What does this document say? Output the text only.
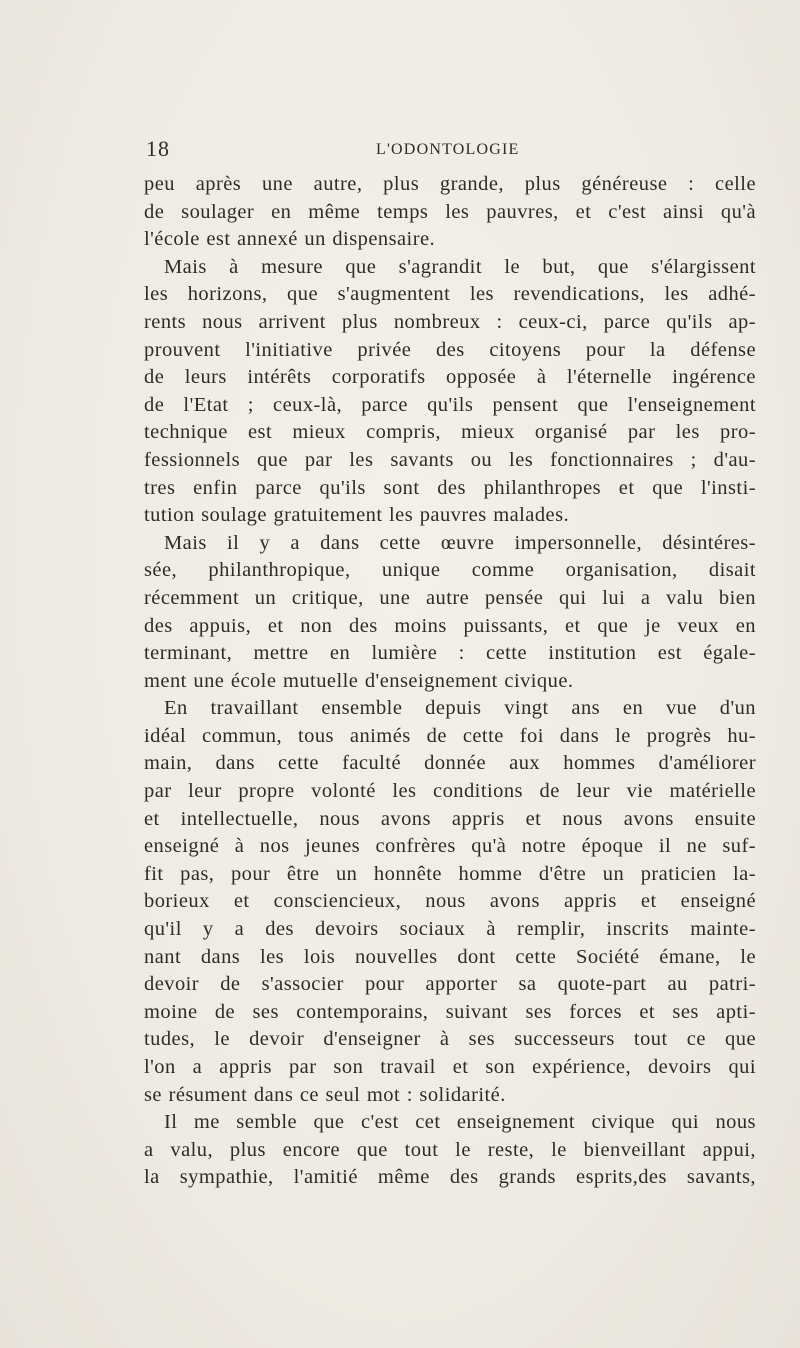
18	L'ODONTOLOGIE
peu après une autre, plus grande, plus généreuse : celle
de soulager en même temps les pauvres, et c'est ainsi qu'à
l'école est annexé un dispensaire.
Mais à mesure que s'agrandit le but, que s'élargissent
les horizons, que s'augmentent les revendications, les adhé-
rents nous arrivent plus nombreux : ceux-ci, parce qu'ils ap-
prouvent l'initiative privée des citoyens pour la défense
de leurs intérêts corporatifs opposée à l'éternelle ingérence
de l'Etat ; ceux-là, parce qu'ils pensent que l'enseignement
technique est mieux compris, mieux organisé par les pro-
fessionnels que par les savants ou les fonctionnaires ; d'au-
tres enfin parce qu'ils sont des philanthropes et que l'insti-
tution soulage gratuitement les pauvres malades.
Mais il y a dans cette œuvre impersonnelle, désintéres-
sée, philanthropique, unique comme organisation, disait
récemment un critique, une autre pensée qui lui a valu bien
des appuis, et non des moins puissants, et que je veux en
terminant, mettre en lumière : cette institution est égale-
ment une école mutuelle d'enseignement civique.
En travaillant ensemble depuis vingt ans en vue d'un
idéal commun, tous animés de cette foi dans le progrès hu-
main, dans cette faculté donnée aux hommes d'améliorer
par leur propre volonté les conditions de leur vie matérielle
et intellectuelle, nous avons appris et nous avons ensuite
enseigné à nos jeunes confrères qu'à notre époque il ne suf-
fit pas, pour être un honnête homme d'être un praticien la-
borieux et consciencieux, nous avons appris et enseigné
qu'il y a des devoirs sociaux à remplir, inscrits mainte-
nant dans les lois nouvelles dont cette Société émane, le
devoir de s'associer pour apporter sa quote-part au patri-
moine de ses contemporains, suivant ses forces et ses apti-
tudes, le devoir d'enseigner à ses successeurs tout ce que
l'on a appris par son travail et son expérience, devoirs qui
se résument dans ce seul mot : solidarité.
Il me semble que c'est cet enseignement civique qui nous
a valu, plus encore que tout le reste, le bienveillant appui,
la sympathie, l'amitié même des grands esprits,des savants,
